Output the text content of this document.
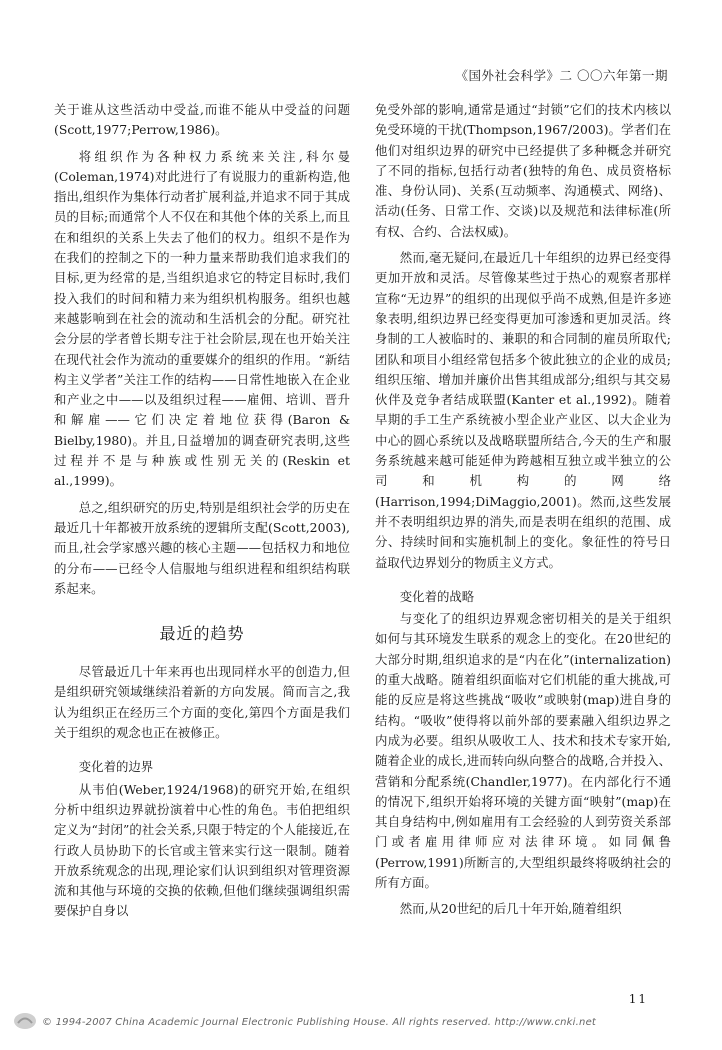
《国外社会科学》二 〇〇六年第一期

关于谁从这些活动中受益,而谁不能从中受益的问题(Scott,1977;Perrow,1986)。

将组织作为各种权力系统来关注,科尔曼(Coleman,1974)对此进行了有说服力的重新构造,他指出,组织作为集体行动者扩展利益,并追求不同于其成员的目标;而通常个人不仅在和其他个体的关系上,而且在和组织的关系上失去了他们的权力。组织不是作为在我们的控制之下的一种力量来帮助我们追求我们的目标,更为经常的是,当组织追求它的特定目标时,我们投入我们的时间和精力来为组织机构服务。组织也越来越影响到在社会的流动和生活机会的分配。研究社会分层的学者曾长期专注于社会阶层,现在也开始关注在现代社会作为流动的重要媒介的组织的作用。“新结构主义学者”关注工作的结构——日常性地嵌入在企业和产业之中——以及组织过程——雇佣、培训、晋升和解雇——它们决定着地位获得(Baron & Bielby,1980)。并且,日益增加的调查研究表明,这些过程并不是与种族或性别无关的(Reskin et al.,1999)。

总之,组织研究的历史,特别是组织社会学的历史在最近几十年都被开放系统的逻辑所支配(Scott,2003),而且,社会学家感兴趣的核心主题——包括权力和地位的分布——已经令人信服地与组织进程和组织结构联系起来。

最近的趋势

尽管最近几十年来再也出现同样水平的创造力,但是组织研究领域继续沿着新的方向发展。简而言之,我认为组织正在经历三个方面的变化,第四个方面是我们关于组织的观念也正在被修正。

变化着的边界

从韦伯(Weber,1924/1968)的研究开始,在组织分析中组织边界就扮演着中心性的角色。韦伯把组织定义为“封闭”的社会关系,只限于特定的个人能接近,在行政人员协助下的长官或主管来实行这一限制。随着开放系统观念的出现,理论家们认识到组织对管理资源流和其他与环境的交换的依赖,但他们继续强调组织需要保护自身以

免受外部的影响,通常是通过“封锁”它们的技术内核以免受环境的干扰(Thompson,1967/2003)。学者们在他们对组织边界的研究中已经提供了多种概念并研究了不同的指标,包括行动者(独特的角色、成员资格标准、身份认同)、关系(互动频率、沟通模式、网络)、活动(任务、日常工作、交谈)以及规范和法律标准(所有权、合约、合法权威)。

然而,毫无疑问,在最近几十年组织的边界已经变得更加开放和灵活。尽管像某些过于热心的观察者那样宣称“无边界”的组织的出现似乎尚不成熟,但是许多迹象表明,组织边界已经变得更加可渗透和更加灵活。终身制的工人被临时的、兼职的和合同制的雇员所取代;团队和项目小组经常包括多个彼此独立的企业的成员;组织压缩、增加并廉价出售其组成部分;组织与其交易伙伴及竞争者结成联盟(Kanter et al.,1992)。随着早期的手工生产系统被小型企业产业区、以大企业为中心的圆心系统以及战略联盟所结合,今天的生产和服务系统越来越可能延伸为跨越相互独立或半独立的公司和机构的网络(Harrison,1994;DiMaggio,2001)。然而,这些发展并不表明组织边界的消失,而是表明在组织的范围、成分、持续时间和实施机制上的变化。象征性的符号日益取代边界划分的物质主义方式。

变化着的战略

与变化了的组织边界观念密切相关的是关于组织如何与其环境发生联系的观念上的变化。在20世纪的大部分时期,组织追求的是“内在化”(internalization)的重大战略。随着组织面临对它们机能的重大挑战,可能的反应是将这些挑战“吸收”或映射(map)进自身的结构。“吸收”使得将以前外部的要素融入组织边界之内成为必要。组织从吸收工人、技术和技术专家开始,随着企业的成长,进而转向纵向整合的战略,合并投入、营销和分配系统(Chandler,1977)。在内部化行不通的情况下,组织开始将环境的关键方面“映射”(map)在其自身结构中,例如雇用有工会经验的人到劳资关系部门或者雇用律师应对法律环境。如同佩鲁(Perrow,1991)所断言的,大型组织最终将吸纳社会的所有方面。

然而,从20世纪的后几十年开始,随着组织

11
© 1994-2007 China Academic Journal Electronic Publishing House. All rights reserved. http://www.cnki.net
